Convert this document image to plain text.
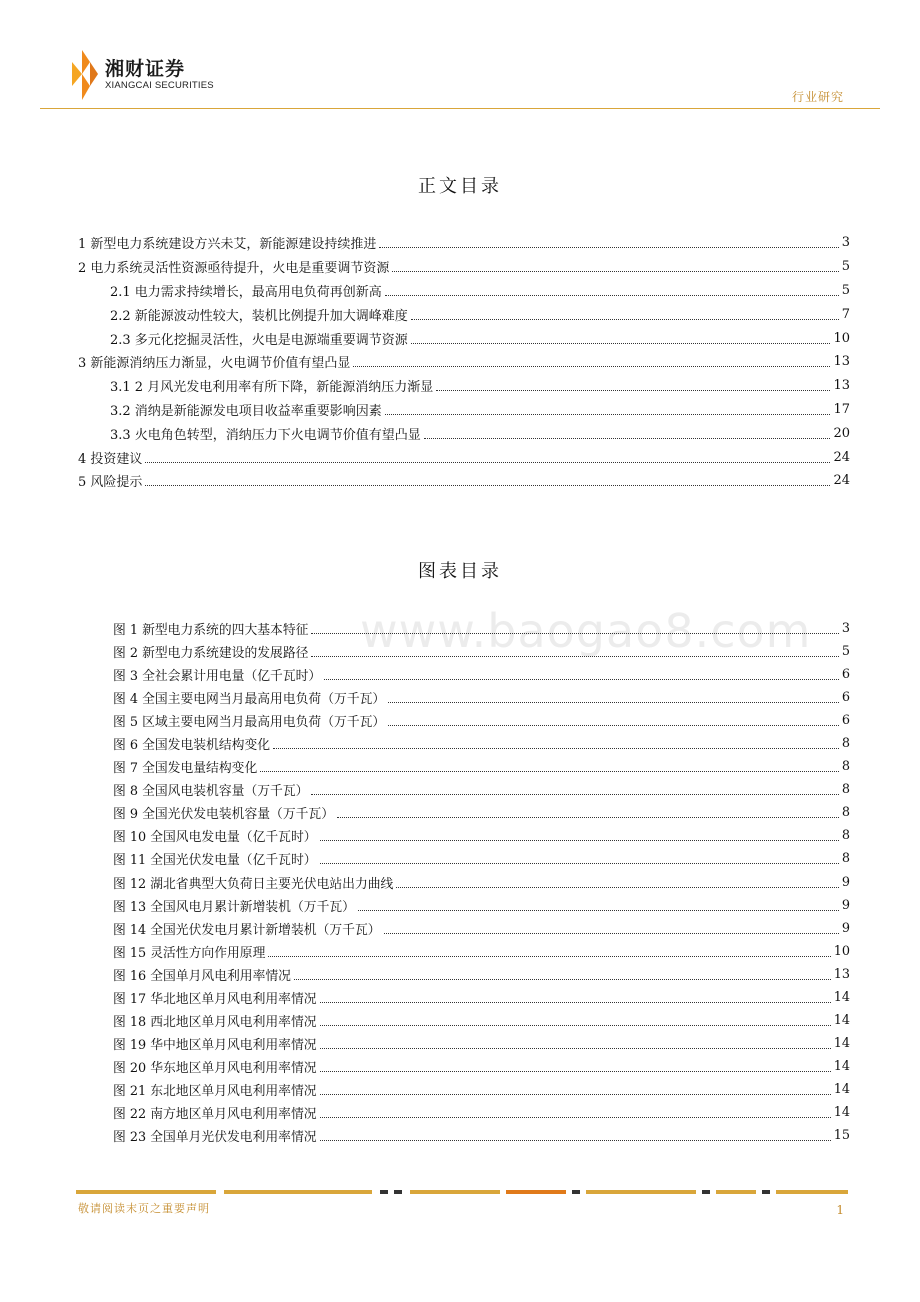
湘财证券
XIANGCAI SECURITIES
行业研究
正文目录
1 新型电力系统建设方兴未艾，新能源建设持续推进	3
2 电力系统灵活性资源亟待提升，火电是重要调节资源	5
2.1 电力需求持续增长，最高用电负荷再创新高	5
2.2 新能源波动性较大，装机比例提升加大调峰难度	7
2.3 多元化挖掘灵活性，火电是电源端重要调节资源	10
3 新能源消纳压力渐显，火电调节价值有望凸显	13
3.1 2 月风光发电利用率有所下降，新能源消纳压力渐显	13
3.2 消纳是新能源发电项目收益率重要影响因素	17
3.3 火电角色转型，消纳压力下火电调节价值有望凸显	20
4 投资建议	24
5 风险提示	24
图表目录
www.baogao8.com
图 1 新型电力系统的四大基本特征	3
图 2 新型电力系统建设的发展路径	5
图 3 全社会累计用电量（亿千瓦时）	6
图 4 全国主要电网当月最高用电负荷（万千瓦）	6
图 5 区域主要电网当月最高用电负荷（万千瓦）	6
图 6 全国发电装机结构变化	8
图 7 全国发电量结构变化	8
图 8 全国风电装机容量（万千瓦）	8
图 9 全国光伏发电装机容量（万千瓦）	8
图 10 全国风电发电量（亿千瓦时）	8
图 11 全国光伏发电量（亿千瓦时）	8
图 12 湖北省典型大负荷日主要光伏电站出力曲线	9
图 13 全国风电月累计新增装机（万千瓦）	9
图 14 全国光伏发电月累计新增装机（万千瓦）	9
图 15 灵活性方向作用原理	10
图 16 全国单月风电利用率情况	13
图 17 华北地区单月风电利用率情况	14
图 18 西北地区单月风电利用率情况	14
图 19 华中地区单月风电利用率情况	14
图 20 华东地区单月风电利用率情况	14
图 21 东北地区单月风电利用率情况	14
图 22 南方地区单月风电利用率情况	14
图 23 全国单月光伏发电利用率情况	15
敬请阅读末页之重要声明	1
